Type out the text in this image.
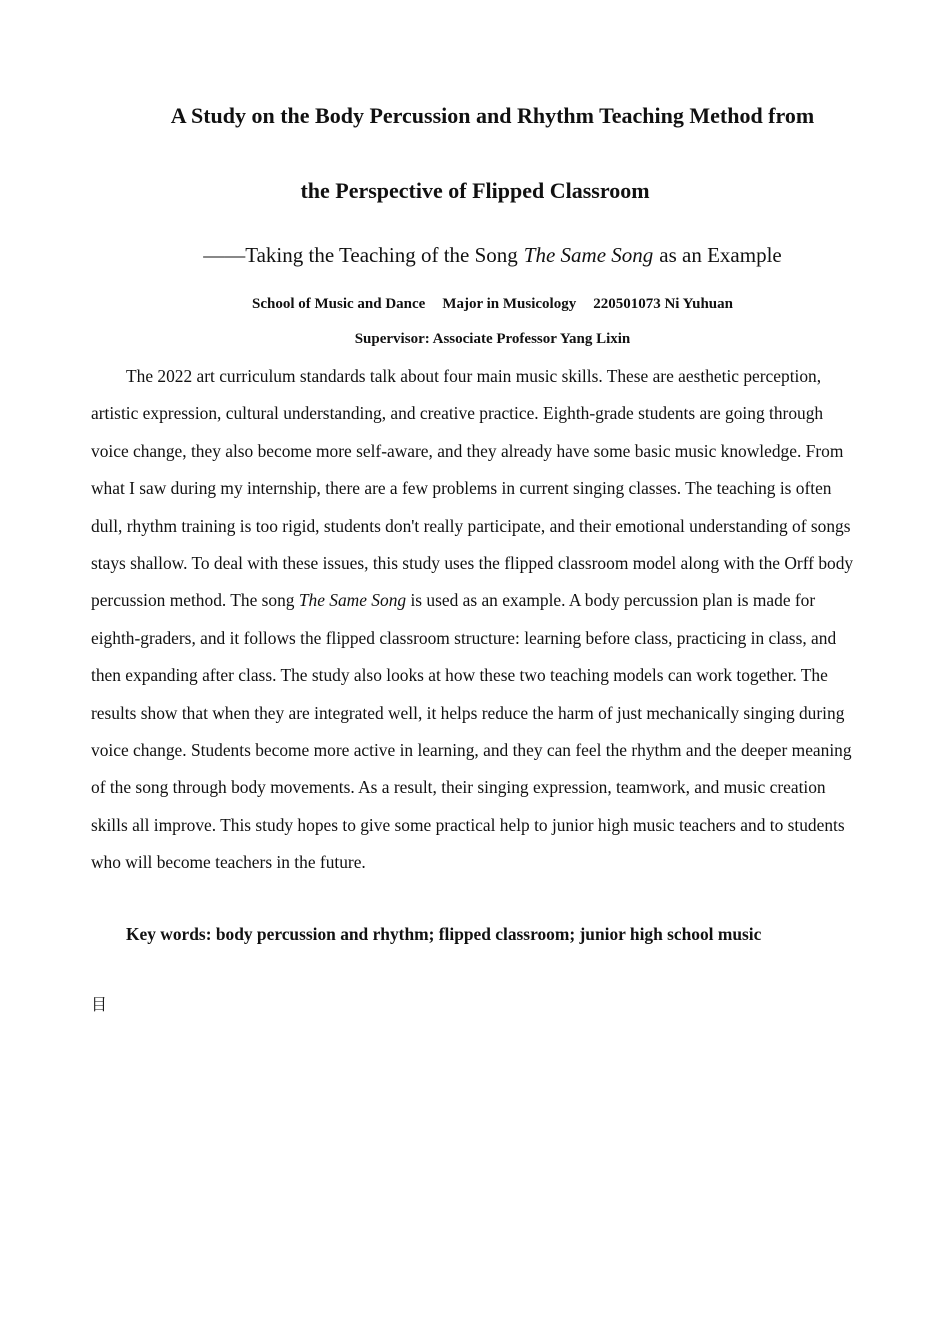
A Study on the Body Percussion and Rhythm Teaching Method from
the Perspective of Flipped Classroom
——Taking the Teaching of the Song The Same Song as an Example
School of Music and Dance Major in Musicology 220501073 Ni Yuhuan
Supervisor: Associate Professor Yang Lixin

The 2022 art curriculum standards talk about four main music skills. These are aesthetic perception, artistic expression, cultural understanding, and creative practice. Eighth-grade students are going through voice change, they also become more self-aware, and they already have some basic music knowledge. From what I saw during my internship, there are a few problems in current singing classes. The teaching is often dull, rhythm training is too rigid, students don't really participate, and their emotional understanding of songs stays shallow. To deal with these issues, this study uses the flipped classroom model along with the Orff body percussion method. The song The Same Song is used as an example. A body percussion plan is made for eighth-graders, and it follows the flipped classroom structure: learning before class, practicing in class, and then expanding after class. The study also looks at how these two teaching models can work together. The results show that when they are integrated well, it helps reduce the harm of just mechanically singing during voice change. Students become more active in learning, and they can feel the rhythm and the deeper meaning of the song through body movements. As a result, their singing expression, teamwork, and music creation skills all improve. This study hopes to give some practical help to junior high music teachers and to students who will become teachers in the future.

Key words: body percussion and rhythm; flipped classroom; junior high school music

目
